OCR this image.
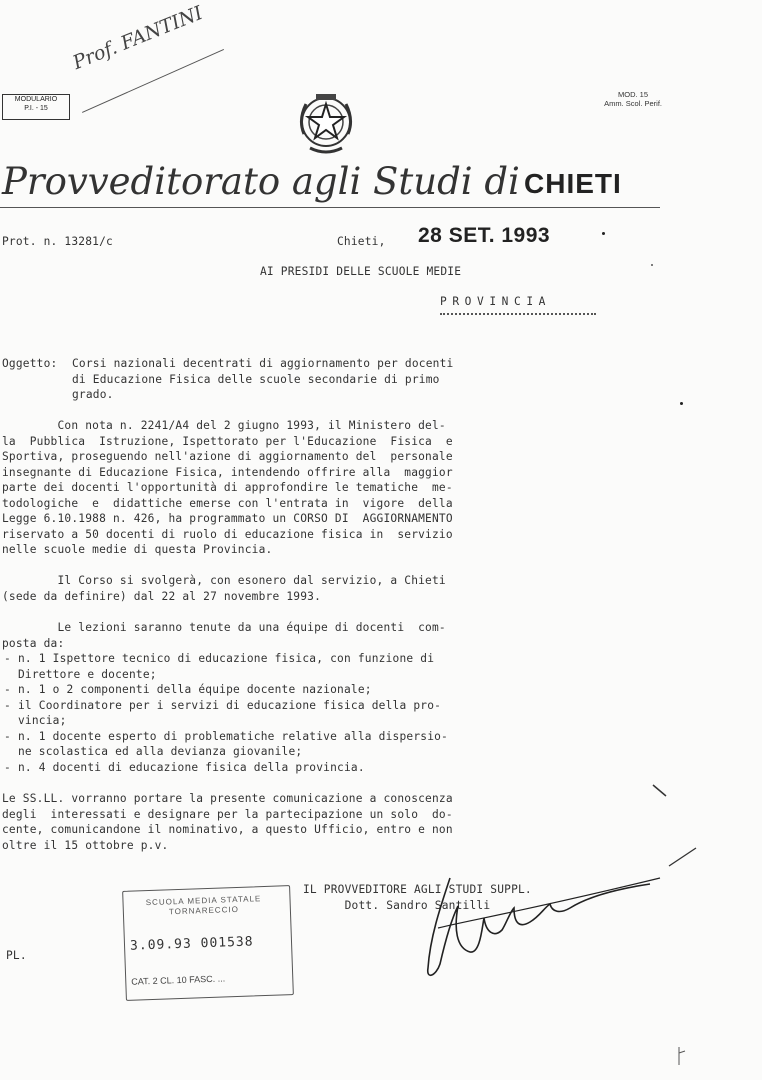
MODULARIO
P.I. - 15
Prof. FANTINI
MOD. 15
Amm. Scol. Perif.
Provveditorato agli Studi di CHIETI
Prot. n. 13281/c	Chieti, 28 SET. 1993
AI PRESIDI DELLE SCUOLE MEDIE
PROVINCIA
Oggetto:	Corsi nazionali decentrati di aggiornamento per docenti
di Educazione Fisica delle scuole secondarie di primo
grado.
Con nota n. 2241/A4 del 2 giugno 1993, il Ministero del-
la  Pubblica  Istruzione, Ispettorato per l'Educazione  Fisica  e
Sportiva, proseguendo nell'azione di aggiornamento del  personale
insegnante di Educazione Fisica, intendendo offrire alla  maggior
parte dei docenti l'opportunità di approfondire le tematiche  me-
todologiche  e  didattiche emerse con l'entrata in  vigore  della
Legge 6.10.1988 n. 426, ha programmato un CORSO DI  AGGIORNAMENTO
riservato a 50 docenti di ruolo di educazione fisica in  servizio
nelle scuole medie di questa Provincia.
Il Corso si svolgerà, con esonero dal servizio, a Chieti
(sede da definire) dal 22 al 27 novembre 1993.
Le lezioni saranno tenute da una équipe di docenti  com-
posta da:
- n. 1 Ispettore tecnico di educazione fisica, con funzione di
Direttore e docente;
- n. 1 o 2 componenti della équipe docente nazionale;
- il Coordinatore per i servizi di educazione fisica della pro-
vincia;
- n. 1 docente esperto di problematiche relative alla dispersio-
ne scolastica ed alla devianza giovanile;
- n. 4 docenti di educazione fisica della provincia.
Le SS.LL. vorranno portare la presente comunicazione a conoscenza
degli  interessati e designare per la partecipazione un solo  do-
cente, comunicandone il nominativo, a questo Ufficio, entro e non
oltre il 15 ottobre p.v.
IL PROVVEDITORE AGLI STUDI SUPPL.
Dott. Sandro Santilli
SCUOLA MEDIA STATALE
TORNARECCIO
3.09.93 001538
CAT. 2 CL. 10 FASC. ...
PL.
